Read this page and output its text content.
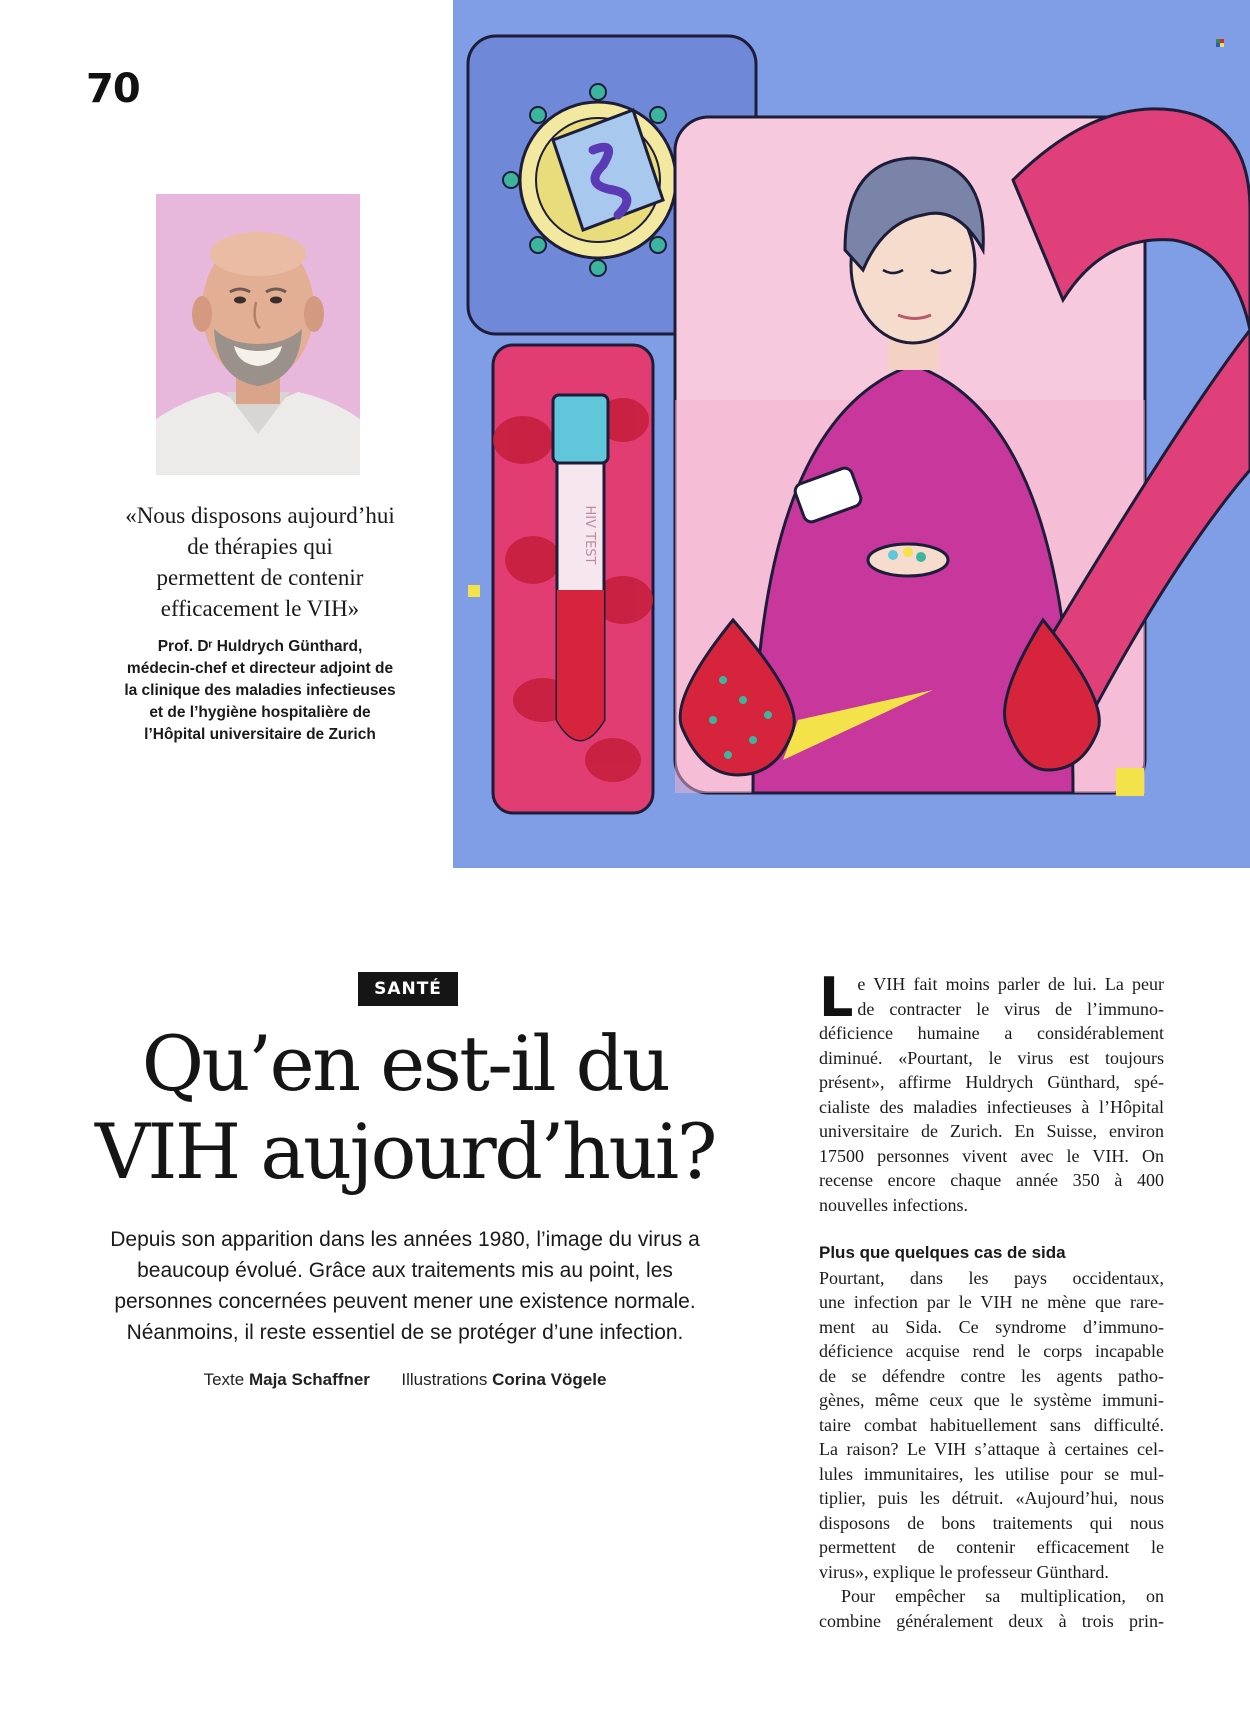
70
«Nous disposons aujourd’hui
de thérapies qui
permettent de contenir
efficacement le VIH»
Prof. Dʳ Huldrych Günthard,
médecin-chef et directeur adjoint de
la clinique des maladies infectieuses
et de l’hygiène hospitalière de
l’Hôpital universitaire de Zurich
HIV TEST
SANTÉ
Qu’en est-il du
VIH aujourd’hui?
Depuis son apparition dans les années 1980, l’image du virus a
beaucoup évolué. Grâce aux traitements mis au point, les
personnes concernées peuvent mener une existence normale.
Néanmoins, il reste essentiel de se protéger d’une infection.
Texte Maja Schaffner Illustrations Corina Vögele
L e VIH fait moins parler de lui. La peur
de contracter le virus de l’immuno-
déficience humaine a considérablement
diminué. «Pourtant, le virus est toujours
présent», affirme Huldrych Günthard, spé-
cialiste des maladies infectieuses à l’Hôpital
universitaire de Zurich. En Suisse, environ
17500 personnes vivent avec le VIH. On
recense encore chaque année 350 à 400
nouvelles infections.
Plus que quelques cas de sida
Pourtant, dans les pays occidentaux,
une infection par le VIH ne mène que rare-
ment au Sida. Ce syndrome d’immuno-
déficience acquise rend le corps incapable
de se défendre contre les agents patho-
gènes, même ceux que le système immuni-
taire combat habituellement sans difficulté.
La raison? Le VIH s’attaque à certaines cel-
lules immunitaires, les utilise pour se mul-
tiplier, puis les détruit. «Aujourd’hui, nous
disposons de bons traitements qui nous
permettent de contenir efficacement le
virus», explique le professeur Günthard.
Pour empêcher sa multiplication, on
combine généralement deux à trois prin-
